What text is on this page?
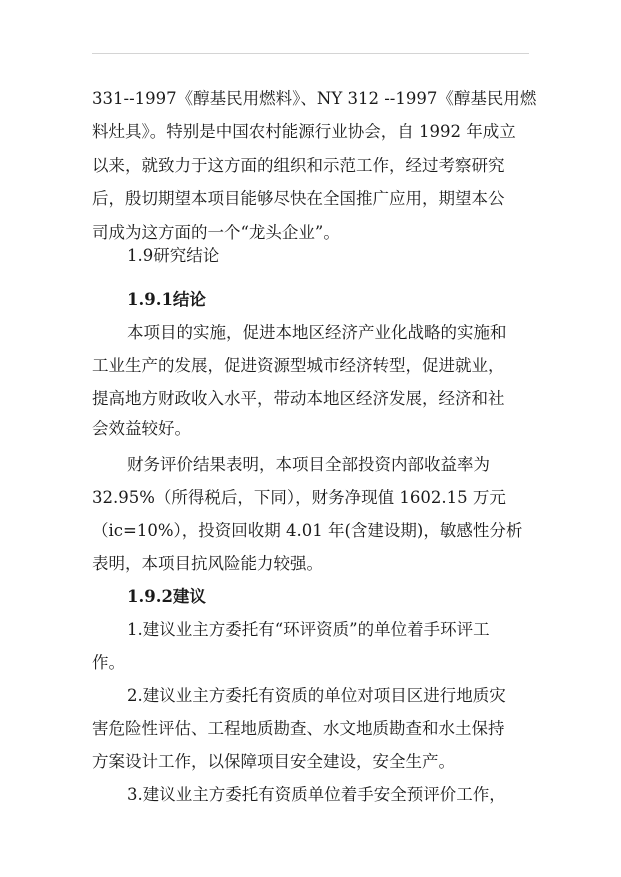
331--1997《醇基民用燃料》、NY 312 --1997《醇基民用燃
料灶具》。特别是中国农村能源行业协会，自 1992 年成立
以来，就致力于这方面的组织和示范工作，经过考察研究
后，殷切期望本项目能够尽快在全国推广应用，期望本公
司成为这方面的一个“龙头企业”。
1.9研究结论
1.9.1结论
本项目的实施，促进本地区经济产业化战略的实施和
工业生产的发展，促进资源型城市经济转型，促进就业，
提高地方财政收入水平，带动本地区经济发展，经济和社
会效益较好。
财务评价结果表明，本项目全部投资内部收益率为
32.95%（所得税后，下同），财务净现值 1602.15 万元
（ic=10%），投资回收期 4.01 年(含建设期)，敏感性分析
表明，本项目抗风险能力较强。
1.9.2建议
1.建议业主方委托有“环评资质”的单位着手环评工
作。
2.建议业主方委托有资质的单位对项目区进行地质灾
害危险性评估、工程地质勘查、水文地质勘查和水土保持
方案设计工作，以保障项目安全建设，安全生产。
3.建议业主方委托有资质单位着手安全预评价工作，
